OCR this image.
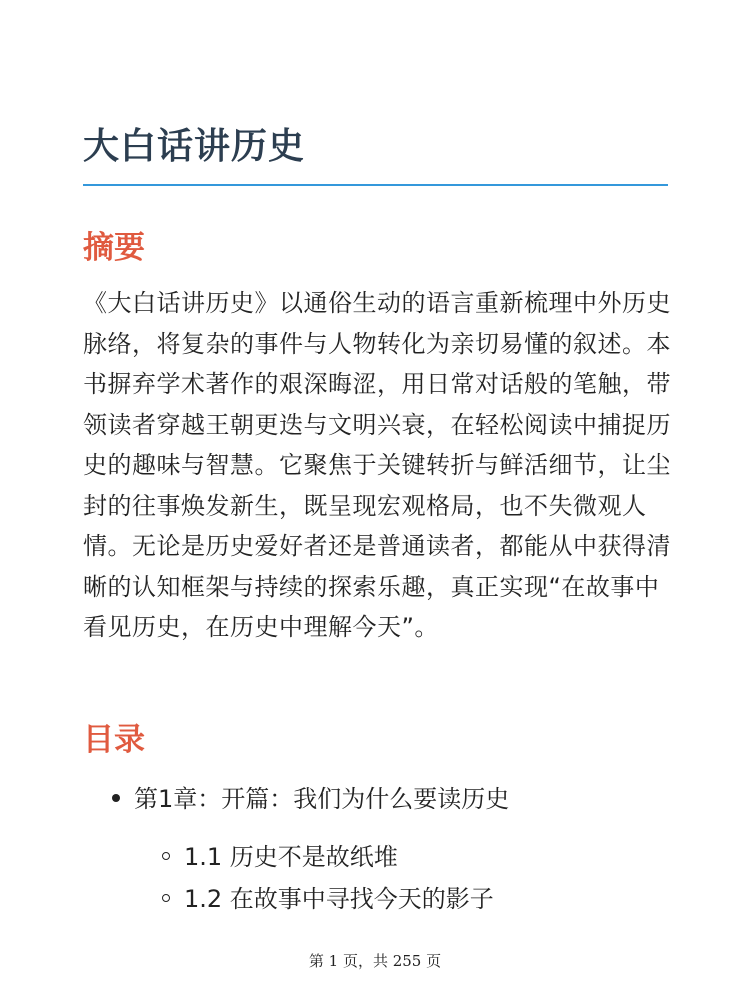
大白话讲历史
摘要

《大白话讲历史》以通俗生动的语言重新梳理中外历史脉络，将复杂的事件与人物转化为亲切易懂的叙述。本书摒弃学术著作的艰深晦涩，用日常对话般的笔触，带领读者穿越王朝更迭与文明兴衰，在轻松阅读中捕捉历史的趣味与智慧。它聚焦于关键转折与鲜活细节，让尘封的往事焕发新生，既呈现宏观格局，也不失微观人情。无论是历史爱好者还是普通读者，都能从中获得清晰的认知框架与持续的探索乐趣，真正实现“在故事中看见历史，在历史中理解今天”。

目录
第1章：开篇：我们为什么要读历史
1.1 历史不是故纸堆
1.2 在故事中寻找今天的影子
第 1 页，共 255 页
